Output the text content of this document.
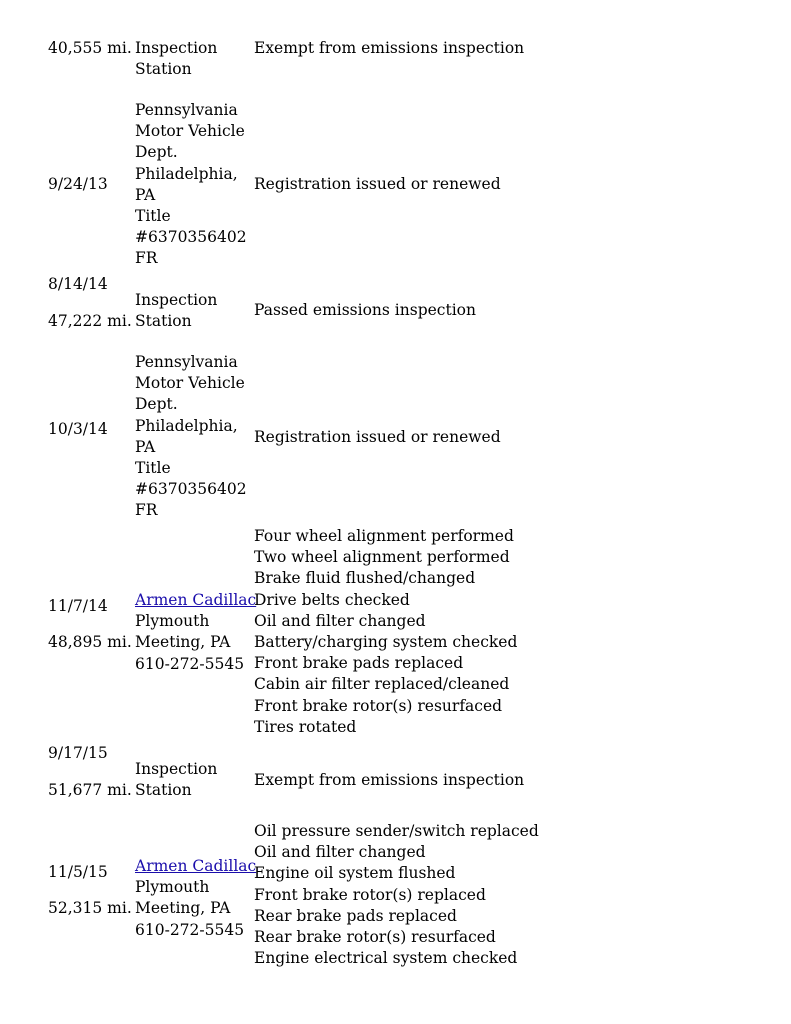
40,555 mi. Inspection
Station
Exempt from emissions inspection
9/24/13
Pennsylvania
Motor Vehicle
Dept.
Philadelphia,
PA
Title
#6370356402
FR
Registration issued or renewed
8/14/14
47,222 mi.
Inspection
Station
Passed emissions inspection
10/3/14
Pennsylvania
Motor Vehicle
Dept.
Philadelphia,
PA
Title
#6370356402
FR
Registration issued or renewed
11/7/14
48,895 mi.
Armen Cadillac
Plymouth
Meeting, PA
610-272-5545
Four wheel alignment performed
Two wheel alignment performed
Brake fluid flushed/changed
Drive belts checked
Oil and filter changed
Battery/charging system checked
Front brake pads replaced
Cabin air filter replaced/cleaned
Front brake rotor(s) resurfaced
Tires rotated
9/17/15
51,677 mi.
Inspection
Station
Exempt from emissions inspection
11/5/15
52,315 mi.
Armen Cadillac
Plymouth
Meeting, PA
610-272-5545
Oil pressure sender/switch replaced
Oil and filter changed
Engine oil system flushed
Front brake rotor(s) replaced
Rear brake pads replaced
Rear brake rotor(s) resurfaced
Engine electrical system checked
